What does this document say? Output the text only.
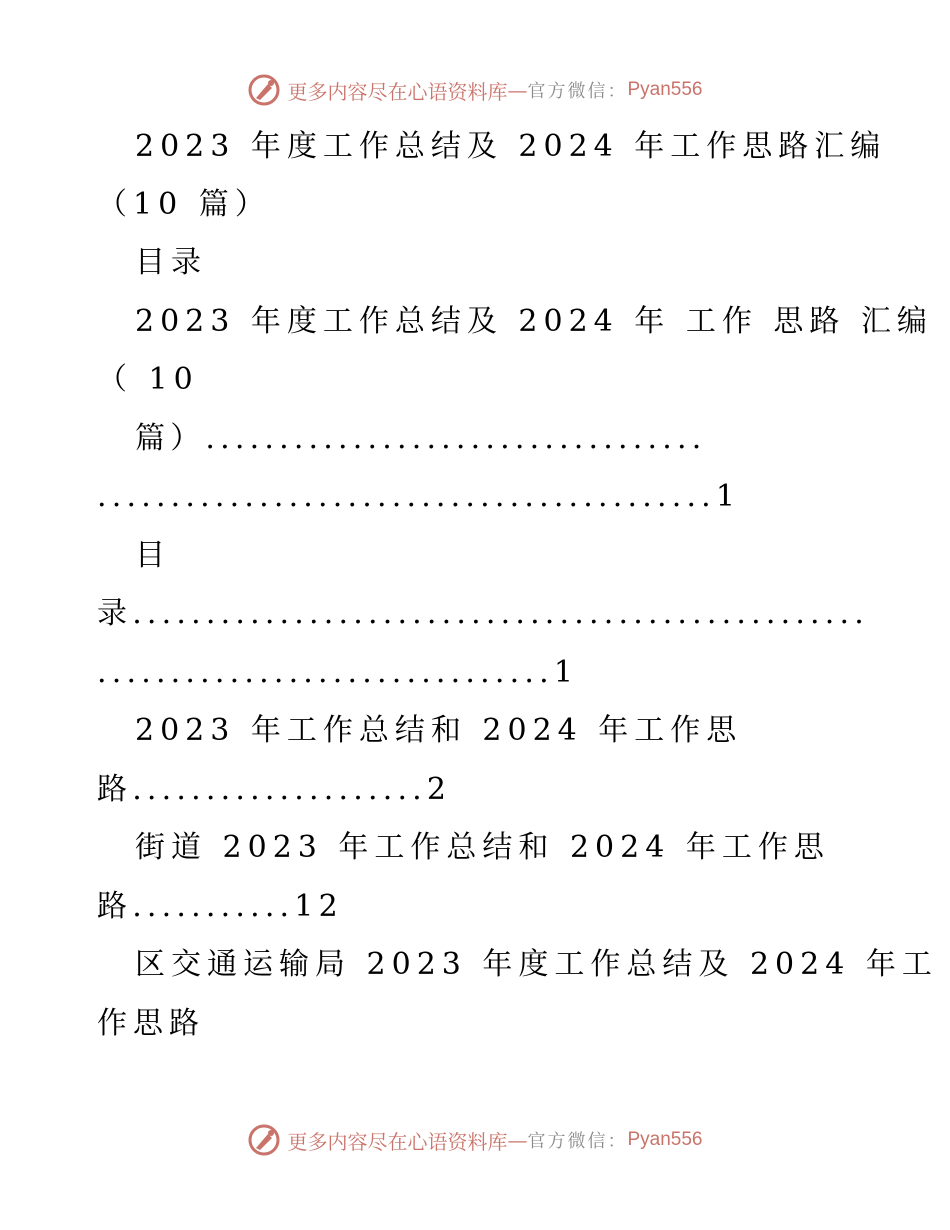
更多内容尽在心语资料库 — 官方微信： Pyan556

2023 年度工作总结及 2024 年工作思路汇编

（10 篇）

目录

2023 年度工作总结及 2024 年 工作 思路 汇编

（ 10

篇）..................................

..........................................1

目

录..................................................

...............................1

2023 年工作总结和 2024 年工作思

路....................2

街道 2023 年工作总结和 2024 年工作思

路...........12

区交通运输局 2023 年度工作总结及 2024 年工

作思路

更多内容尽在心语资料库 — 官方微信： Pyan556
